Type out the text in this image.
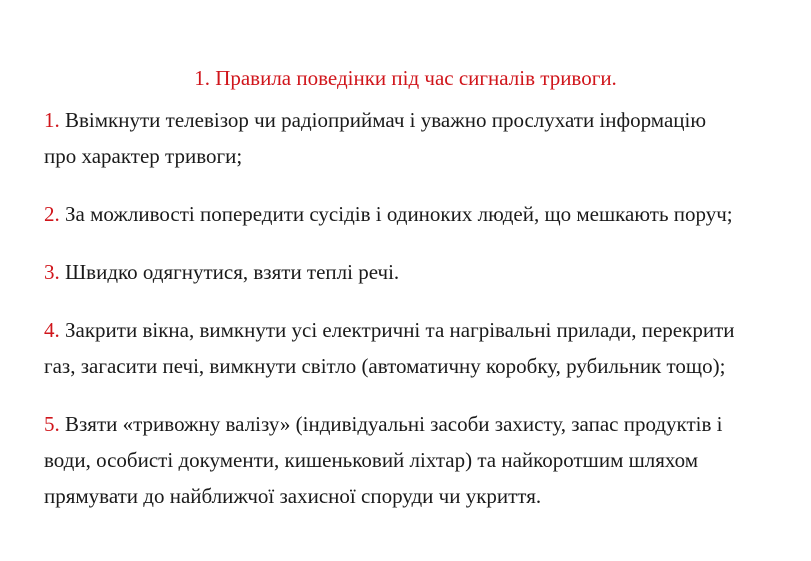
1. Правила поведінки під час сигналів тривоги.
1. Ввімкнути телевізор чи радіоприймач і уважно прослухати інформацію
про характер тривоги;
2. За можливості попередити сусідів і одиноких людей, що мешкають поруч;
3. Швидко одягнутися, взяти теплі речі.
4. Закрити вікна, вимкнути усі електричні та нагрівальні прилади, перекрити
газ, загасити печі, вимкнути світло (автоматичну коробку, рубильник тощо);
5. Взяти «тривожну валізу» (індивідуальні засоби захисту, запас продуктів і
води, особисті документи, кишеньковий ліхтар) та найкоротшим шляхом
прямувати до найближчої захисної споруди чи укриття.
